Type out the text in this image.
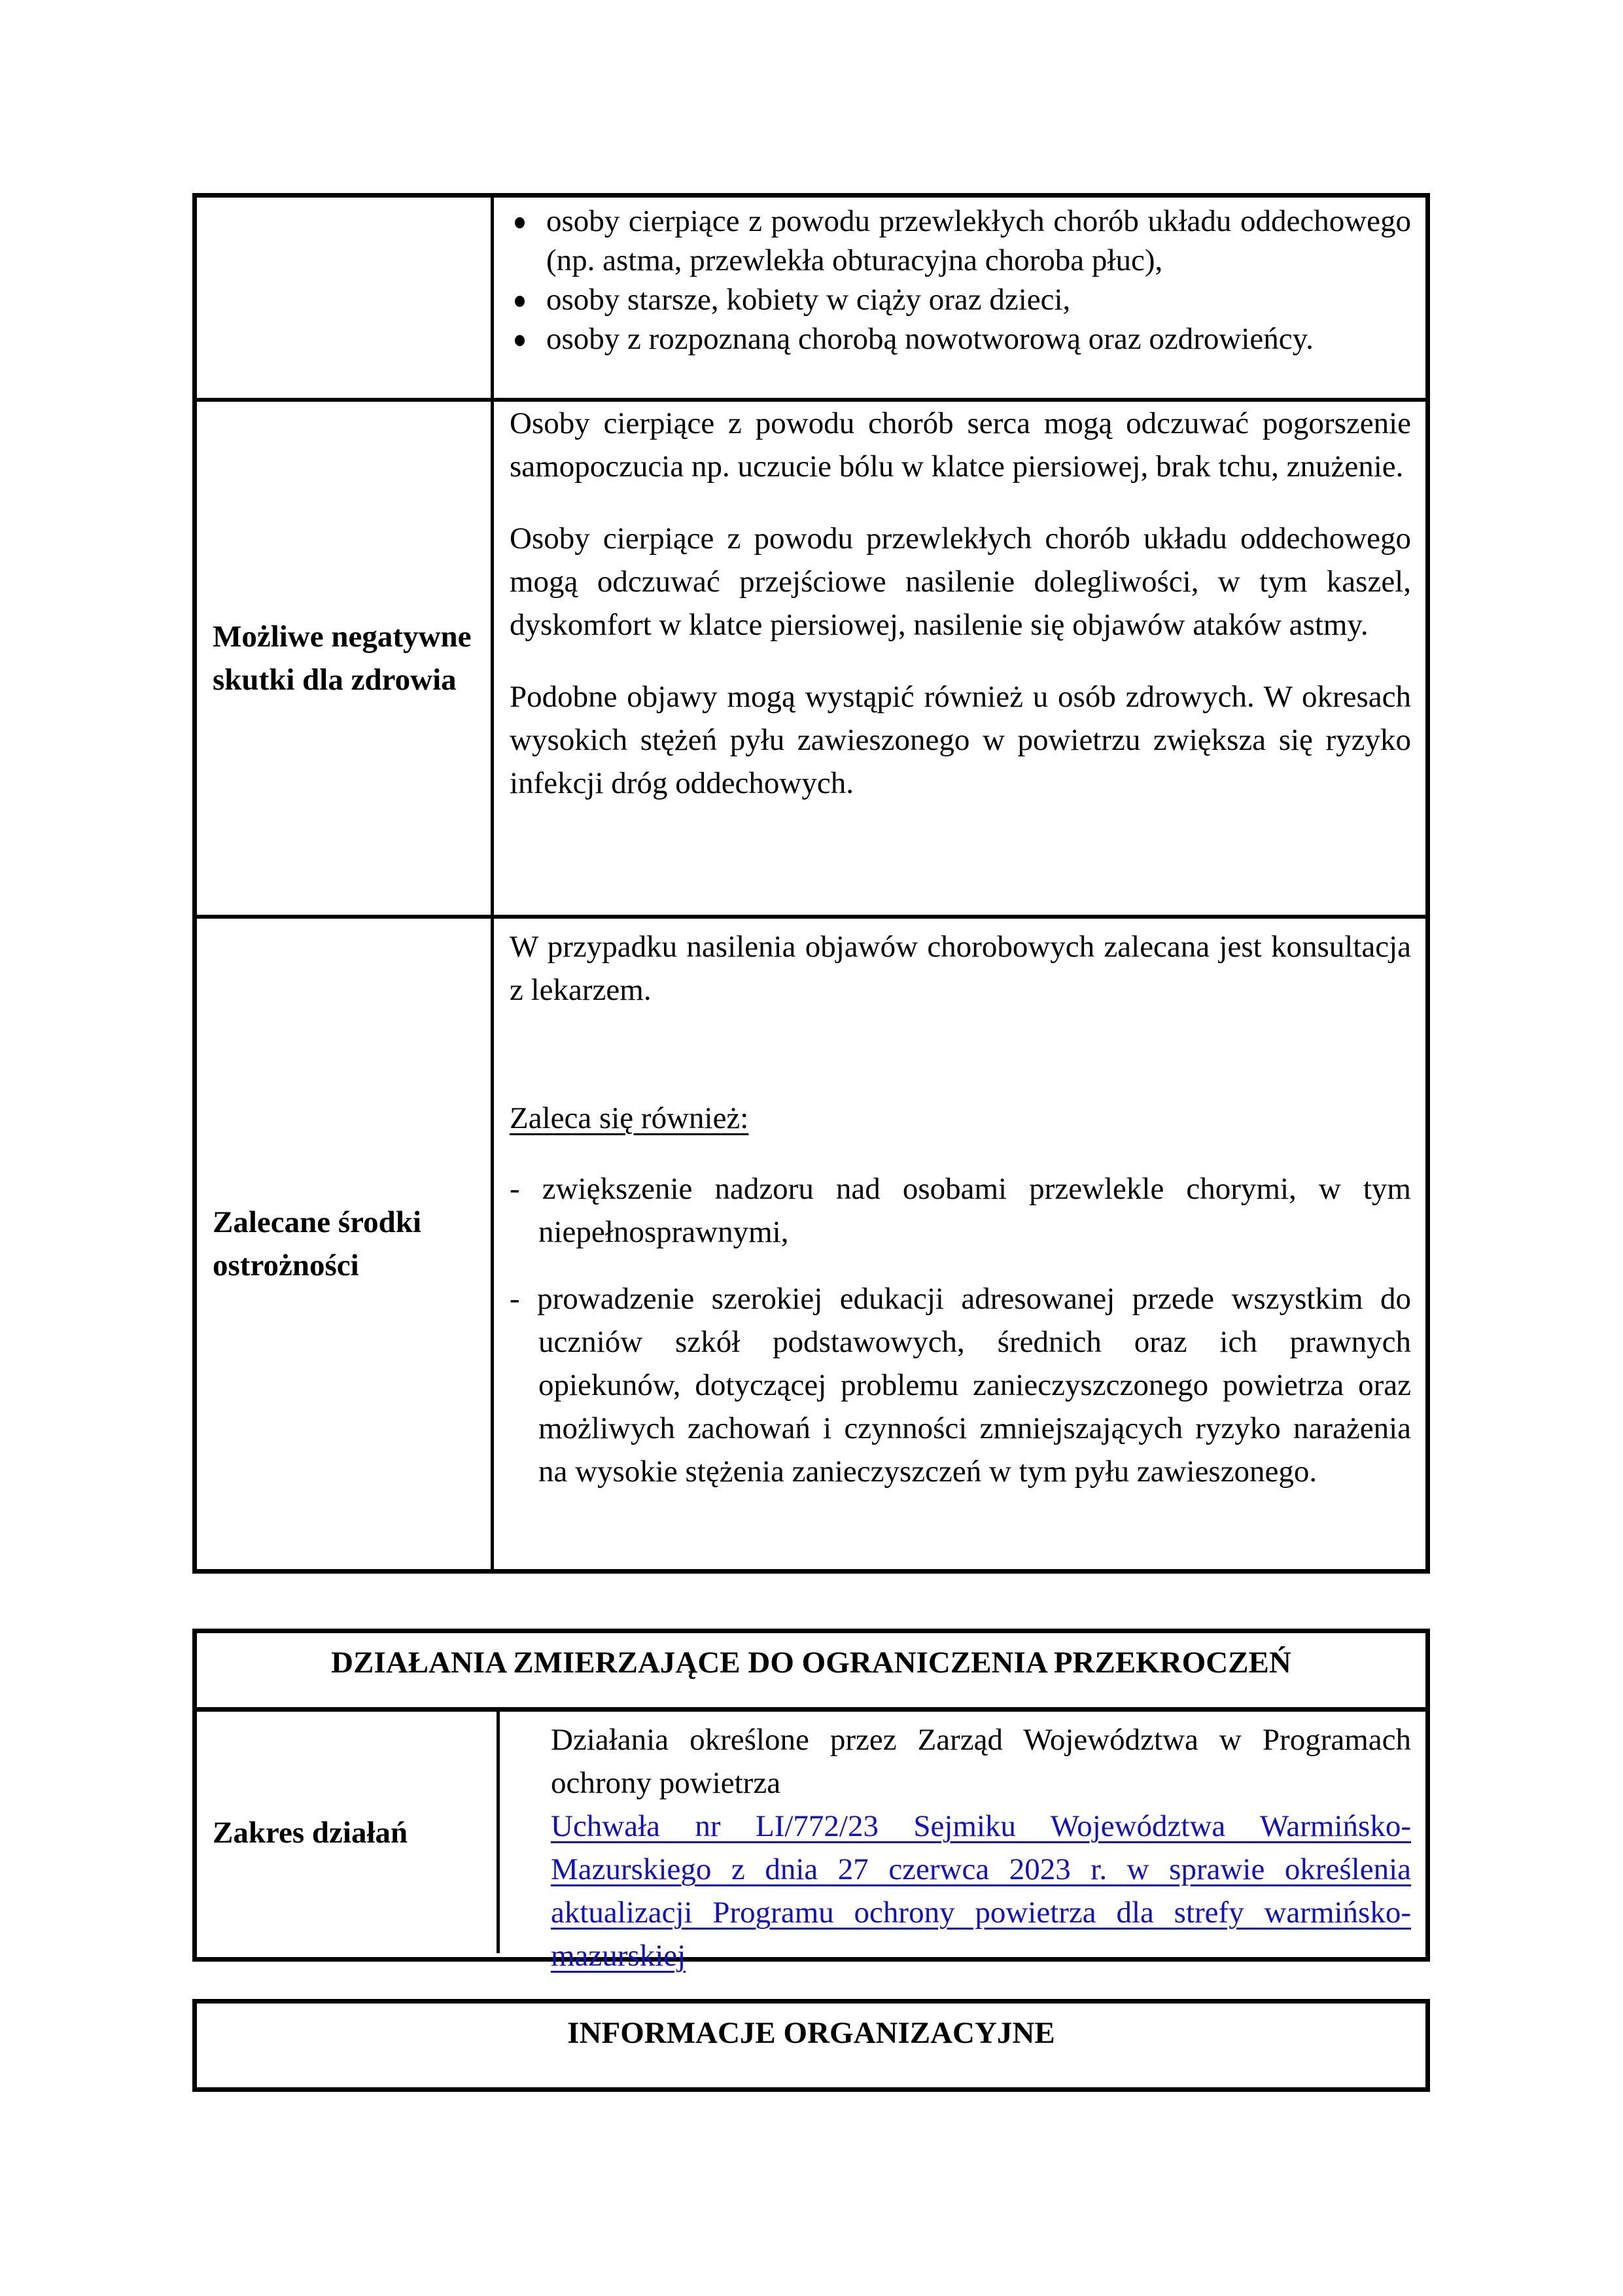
osoby cierpiące z powodu przewlekłych chorób układu oddechowego (np. astma, przewlekła obturacyjna choroba płuc),
osoby starsze, kobiety w ciąży oraz dzieci,
osoby z rozpoznaną chorobą nowotworową oraz ozdrowieńcy.
Możliwe negatywne skutki dla zdrowia

Osoby cierpiące z powodu chorób serca mogą odczuwać pogorszenie samopoczucia np. uczucie bólu w klatce piersiowej, brak tchu, znużenie.

Osoby cierpiące z powodu przewlekłych chorób układu oddechowego mogą odczuwać przejściowe nasilenie dolegliwości, w tym kaszel, dyskomfort w klatce piersiowej, nasilenie się objawów ataków astmy.

Podobne objawy mogą wystąpić również u osób zdrowych. W okresach wysokich stężeń pyłu zawieszonego w powietrzu zwiększa się ryzyko infekcji dróg oddechowych.

Zalecane środki ostrożności

W przypadku nasilenia objawów chorobowych zalecana jest konsultacja z lekarzem.

Zaleca się również:

- zwiększenie nadzoru nad osobami przewlekle chorymi, w tym niepełnosprawnymi,

- prowadzenie szerokiej edukacji adresowanej przede wszystkim do uczniów szkół podstawowych, średnich oraz ich prawnych opiekunów, dotyczącej problemu zanieczyszczonego powietrza oraz możliwych zachowań i czynności zmniejszających ryzyko narażenia na wysokie stężenia zanieczyszczeń w tym pyłu zawieszonego.

DZIAŁANIA ZMIERZAJĄCE DO OGRANICZENIA PRZEKROCZEŃ
Zakres działań
Działania określone przez Zarząd Województwa w Programach ochrony powietrza
Uchwała nr LI/772/23 Sejmiku Województwa Warmińsko-Mazurskiego z dnia 27 czerwca 2023 r. w sprawie określenia aktualizacji Programu ochrony powietrza dla strefy warmińsko-mazurskiej
INFORMACJE ORGANIZACYJNE
